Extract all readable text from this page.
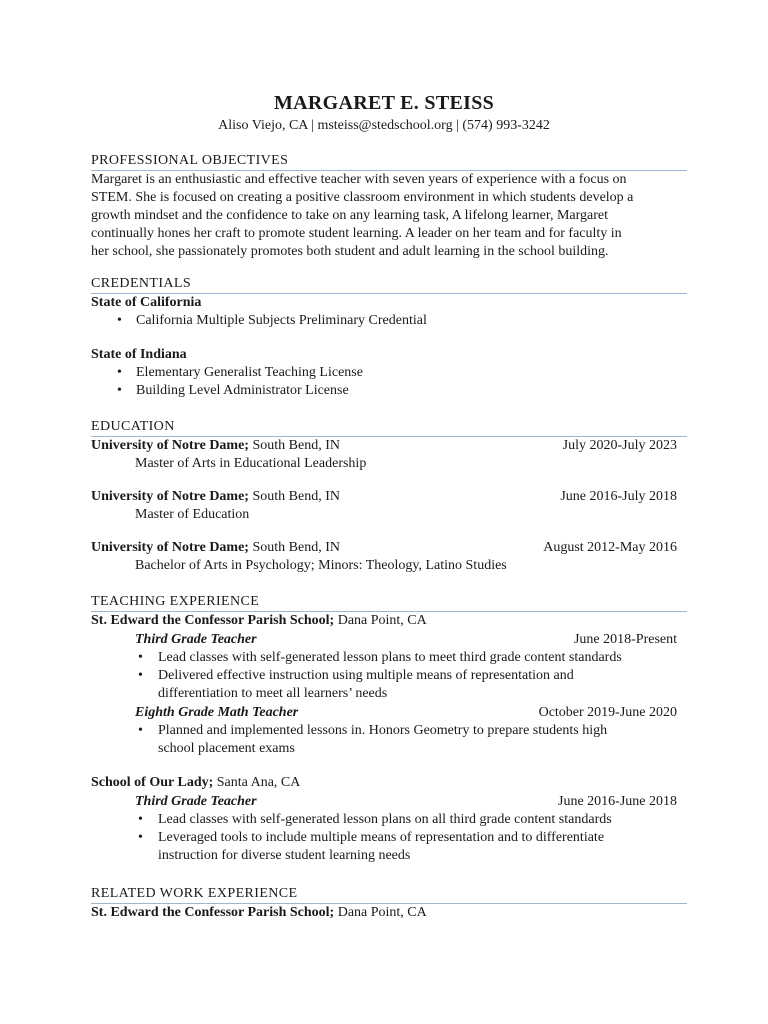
MARGARET E. STEISS
Aliso Viejo, CA | msteiss@stedschool.org | (574) 993-3242
PROFESSIONAL OBJECTIVES

Margaret is an enthusiastic and effective teacher with seven years of experience with a focus on

STEM. She is focused on creating a positive classroom environment in which students develop a

growth mindset and the confidence to take on any learning task, A lifelong learner, Margaret

continually hones her craft to promote student learning. A leader on her team and for faculty in

her school, she passionately promotes both student and adult learning in the school building.

CREDENTIALS
State of California
• California Multiple Subjects Preliminary Credential
State of Indiana
• Elementary Generalist Teaching License
• Building Level Administrator License
EDUCATION
University of Notre Dame; South Bend, IN	July 2020-July 2023
Master of Arts in Educational Leadership
University of Notre Dame; South Bend, IN	June 2016-July 2018
Master of Education
University of Notre Dame; South Bend, IN	August 2012-May 2016
Bachelor of Arts in Psychology; Minors: Theology, Latino Studies
TEACHING EXPERIENCE
St. Edward the Confessor Parish School; Dana Point, CA
Third Grade Teacher	June 2018-Present
• Lead classes with self-generated lesson plans to meet third grade content standards
• Delivered effective instruction using multiple means of representation and
differentiation to meet all learners’ needs
Eighth Grade Math Teacher	October 2019-June 2020
• Planned and implemented lessons in. Honors Geometry to prepare students high
school placement exams
School of Our Lady; Santa Ana, CA
Third Grade Teacher	June 2016-June 2018
• Lead classes with self-generated lesson plans on all third grade content standards
• Leveraged tools to include multiple means of representation and to differentiate
instruction for diverse student learning needs
RELATED WORK EXPERIENCE
St. Edward the Confessor Parish School; Dana Point, CA
